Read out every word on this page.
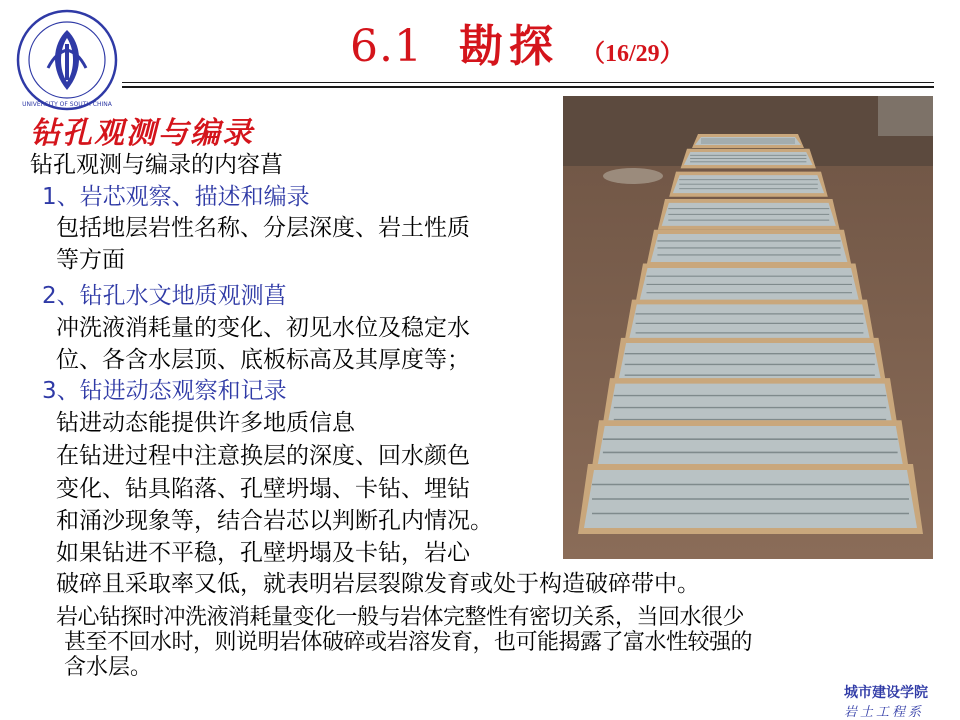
UNIVERSITY OF SOUTH CHINA
6.1 勘探 （16/29）
钻孔观测与编录
钻孔观测与编录的内容菖
1、岩芯观察、描述和编录
包括地层岩性名称、分层深度、岩土性质
等方面
2、钻孔水文地质观测菖
冲洗液消耗量的变化、初见水位及稳定水
位、各含水层顶、底板标高及其厚度等；
3、钻进动态观察和记录
钻进动态能提供许多地质信息
在钻进过程中注意换层的深度、回水颜色
变化、钻具陷落、孔壁坍塌、卡钻、埋钻
和涌沙现象等，结合岩芯以判断孔内情况。
如果钻进不平稳，孔壁坍塌及卡钻，岩心
破碎且采取率又低，就表明岩层裂隙发育或处于构造破碎带中。
岩心钻探时冲洗液消耗量变化一般与岩体完整性有密切关系，当回水很少
甚至不回水时，则说明岩体破碎或岩溶发育，也可能揭露了富水性较强的
含水层。
城市建设学院
岩土工程系
